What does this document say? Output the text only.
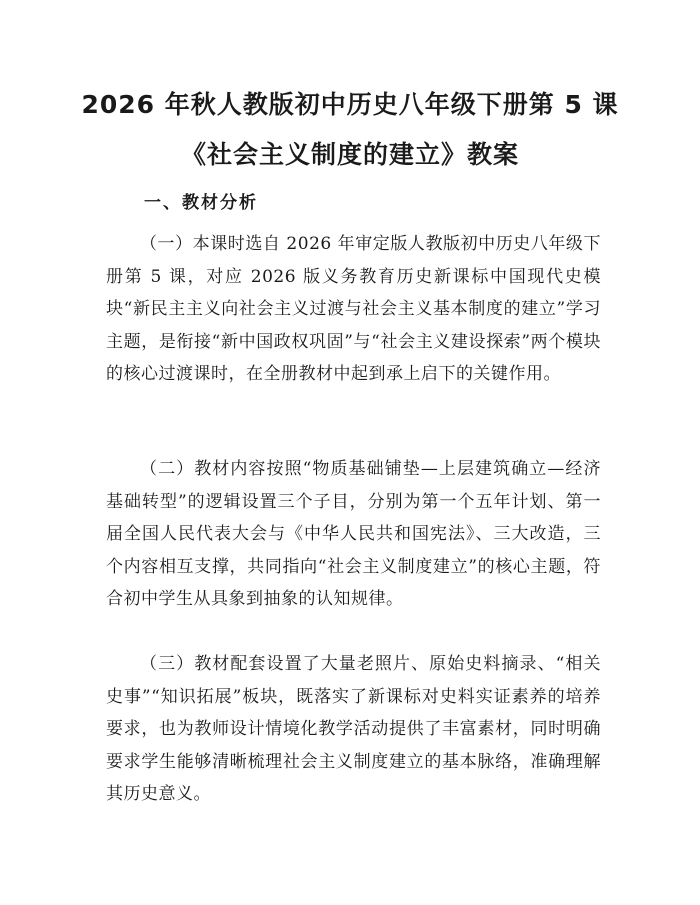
2026 年秋人教版初中历史八年级下册第 5 课
《社会主义制度的建立》教案
一、教材分析

（一）本课时选自 2026 年审定版人教版初中历史八年级下册第 5 课，对应 2026 版义务教育历史新课标中国现代史模块“新民主主义向社会主义过渡与社会主义基本制度的建立”学习主题，是衔接“新中国政权巩固”与“社会主义建设探索”两个模块的核心过渡课时，在全册教材中起到承上启下的关键作用。

（二）教材内容按照“物质基础铺垫—上层建筑确立—经济基础转型”的逻辑设置三个子目，分别为第一个五年计划、第一届全国人民代表大会与《中华人民共和国宪法》、三大改造，三个内容相互支撑，共同指向“社会主义制度建立”的核心主题，符合初中学生从具象到抽象的认知规律。

（三）教材配套设置了大量老照片、原始史料摘录、“相关史事”“知识拓展”板块，既落实了新课标对史料实证素养的培养要求，也为教师设计情境化教学活动提供了丰富素材，同时明确要求学生能够清晰梳理社会主义制度建立的基本脉络，准确理解其历史意义。
